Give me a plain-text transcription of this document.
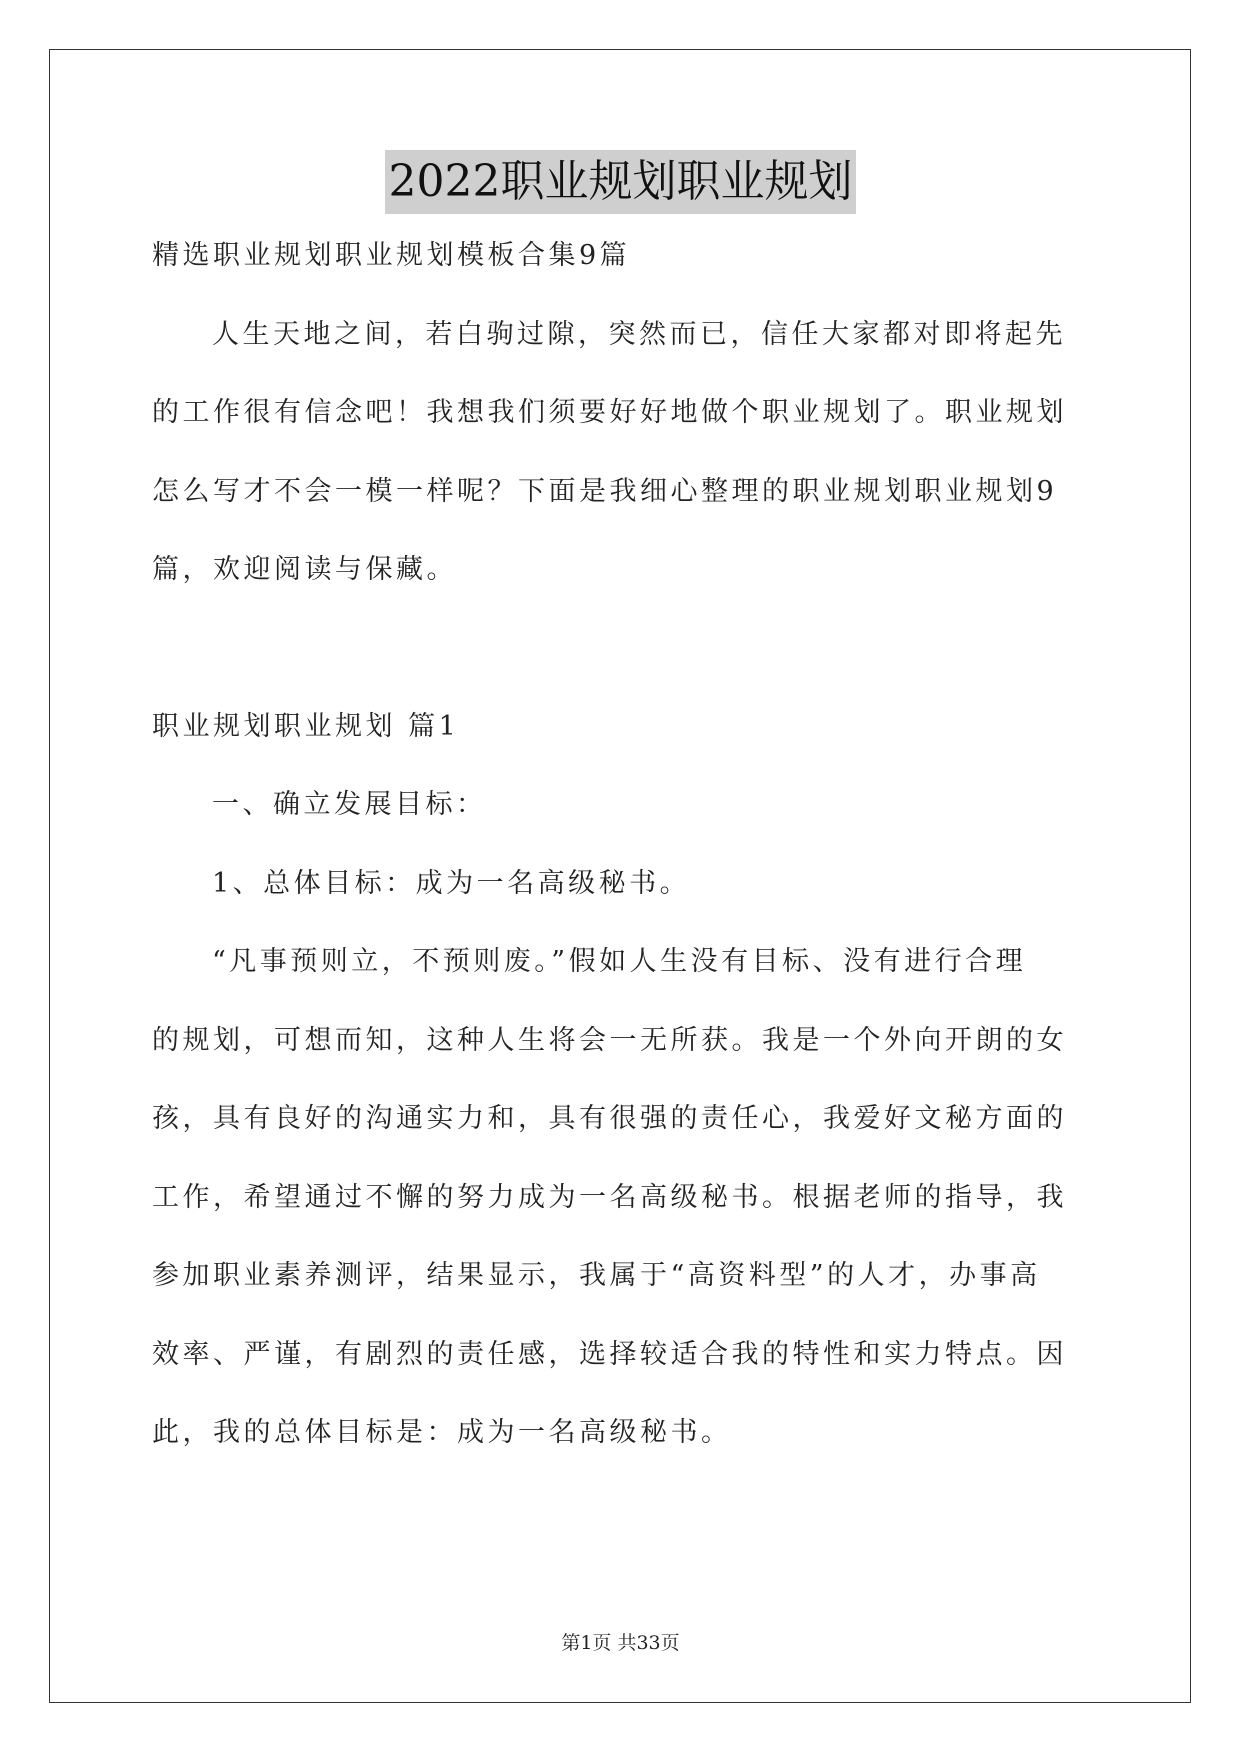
2022职业规划职业规划
精选职业规划职业规划模板合集9篇
人生天地之间，若白驹过隙，突然而已，信任大家都对即将起先
的工作很有信念吧！我想我们须要好好地做个职业规划了。职业规划
怎么写才不会一模一样呢？下面是我细心整理的职业规划职业规划9
篇，欢迎阅读与保藏。
职业规划职业规划 篇1
一、确立发展目标：
1、总体目标：成为一名高级秘书。
“凡事预则立，不预则废。”假如人生没有目标、没有进行合理
的规划，可想而知，这种人生将会一无所获。我是一个外向开朗的女
孩，具有良好的沟通实力和，具有很强的责任心，我爱好文秘方面的
工作，希望通过不懈的努力成为一名高级秘书。根据老师的指导，我
参加职业素养测评，结果显示，我属于“高资料型”的人才，办事高
效率、严谨，有剧烈的责任感，选择较适合我的特性和实力特点。因
此，我的总体目标是：成为一名高级秘书。
第1页 共33页
